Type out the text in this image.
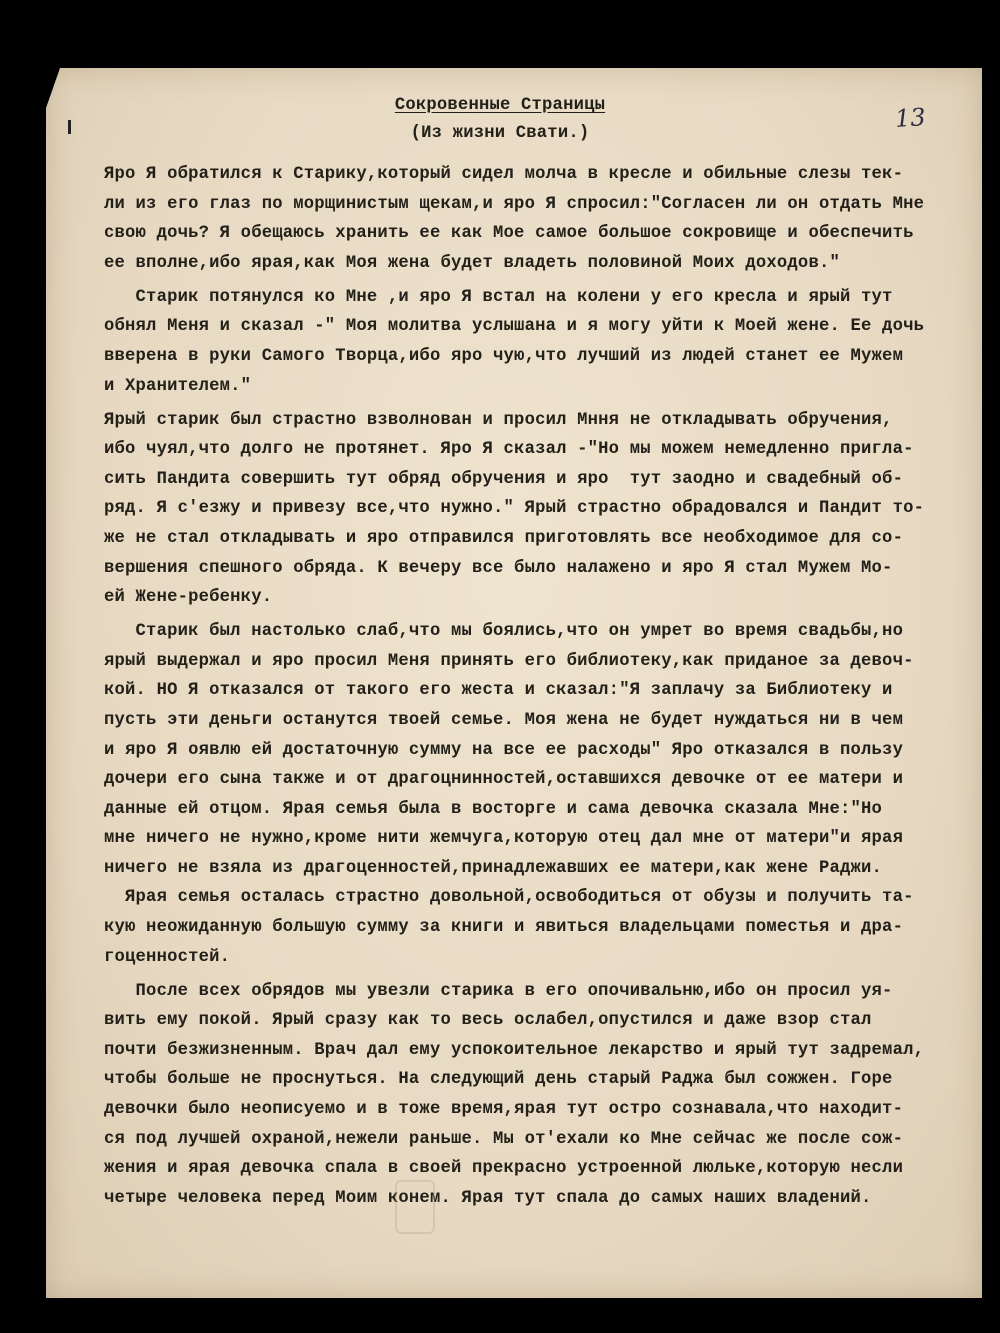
Сокровенные Страницы
(Из жизни Свати.)
13
Яро Я обратился к Старику,который сидел молча в кресле и обильные слезы тек-
ли из его глаз по морщинистым щекам,и яро Я спросил:"Согласен ли он отдать Мне
свою дочь? Я обещаюсь хранить ее как Мое самое большое сокровище и обеспечить
ее вполне,ибо ярая,как Моя жена будет владеть половиной Моих доходов."
Старик потянулся ко Мне ,и яро Я встал на колени у его кресла и ярый тут
обнял Меня и сказал -" Моя молитва услышана и я могу уйти к Моей жене. Ее дочь
вверена в руки Самого Творца,ибо яро чую,что лучший из людей станет ее Мужем
и Хранителем."
Ярый старик был страстно взволнован и просил Мння не откладывать обручения,
ибо чуял,что долго не протянет. Яро Я сказал -"Но мы можем немедленно пригла-
сить Пандита совершить тут обряд обручения и яро  тут заодно и свадебный об-
ряд. Я с'езжу и привезу все,что нужно." Ярый страстно обрадовался и Пандит то-
же не стал откладывать и яро отправился приготовлять все необходимое для со-
вершения спешного обряда. К вечеру все было налажено и яро Я стал Мужем Мо-
ей Жене-ребенку.
Старик был настолько слаб,что мы боялись,что он умрет во время свадьбы,но
ярый выдержал и яро просил Меня принять его библиотеку,как приданое за девоч-
кой. НО Я отказался от такого его жеста и сказал:"Я заплачу за Библиотеку и
пусть эти деньги останутся твоей семье. Моя жена не будет нуждаться ни в чем
и яро Я оявлю ей достаточную сумму на все ее расходы" Яро отказался в пользу
дочери его сына также и от драгоцнинностей,оставшихся девочке от ее матери и
данные ей отцом. Ярая семья была в восторге и сама девочка сказала Мне:"Но
мне ничего не нужно,кроме нити жемчуга,которую отец дал мне от матери"и ярая
ничего не взяла из драгоценностей,принадлежавших ее матери,как жене Раджи.
Ярая семья осталась страстно довольной,освободиться от обузы и получить та-
кую неожиданную большую сумму за книги и явиться владельцами поместья и дра-
гоценностей.
После всех обрядов мы увезли старика в его опочивальню,ибо он просил уя-
вить ему покой. Ярый сразу как то весь ослабел,опустился и даже взор стал
почти безжизненным. Врач дал ему успокоительное лекарство и ярый тут задремал,
чтобы больше не проснуться. На следующий день старый Раджа был сожжен. Горе
девочки было неописуемо и в тоже время,ярая тут остро сознавала,что находит-
ся под лучшей охраной,нежели раньше. Мы от'ехали ко Мне сейчас же после сож-
жения и ярая девочка спала в своей прекрасно устроенной люльке,которую несли
четыре человека перед Моим конем. Ярая тут спала до самых наших владений.
